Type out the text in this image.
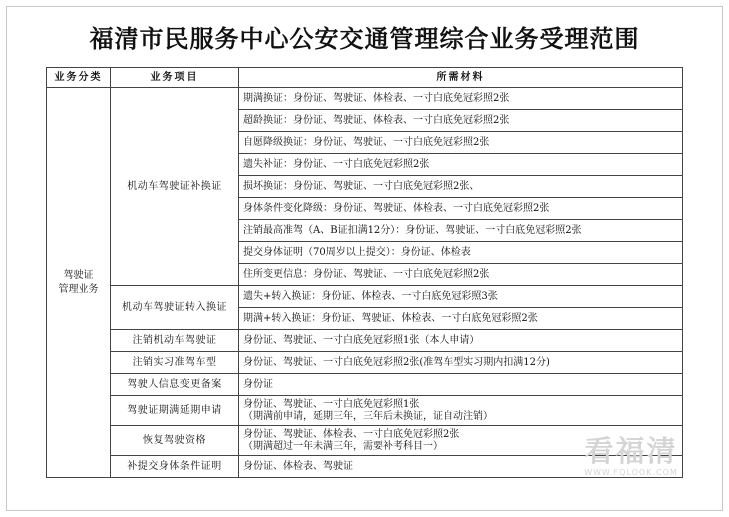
福清市民服务中心公安交通管理综合业务受理范围
业务分类	业务项目	所需材料

驾驶证
管理业务	机动车驾驶证补换证	期满换证：身份证、驾驶证、体检表、一寸白底免冠彩照2张
		超龄换证：身份证、驾驶证、体检表、一寸白底免冠彩照2张
		自愿降级换证：身份证、驾驶证、一寸白底免冠彩照2张
		遗失补证：身份证、一寸白底免冠彩照2张
		损坏换证：身份证、驾驶证、一寸白底免冠彩照2张、
		身体条件变化降级：身份证、驾驶证、体检表、一寸白底免冠彩照2张
		注销最高准驾（A、B证扣满12分）：身份证、驾驶证、一寸白底免冠彩照2张
		提交身体证明（70周岁以上提交）：身份证、体检表
		住所变更信息：身份证、驾驶证、一寸白底免冠彩照2张
	机动车驾驶证转入换证	遗失+转入换证：身份证、体检表、一寸白底免冠彩照3张
		期满+转入换证：身份证、驾驶证、体检表、一寸白底免冠彩照2张
	注销机动车驾驶证	身份证、驾驶证、一寸白底免冠彩照1张（本人申请）
	注销实习准驾车型	身份证、驾驶证、一寸白底免冠彩照2张(准驾车型实习期内扣满12分)
	驾驶人信息变更备案	身份证
	驾驶证期满延期申请	身份证、驾驶证、一寸白底免冠彩照1张
（期满前申请，延期三年，三年后未换证，证自动注销）

	恢复驾驶资格	身份证、驾驶证、体检表、一寸白底免冠彩照2张
（期满超过一年未满三年，需要补考科目一）

	补提交身体条件证明	身份证、体检表、驾驶证	看福清
WWW.FQLOOK.COM
